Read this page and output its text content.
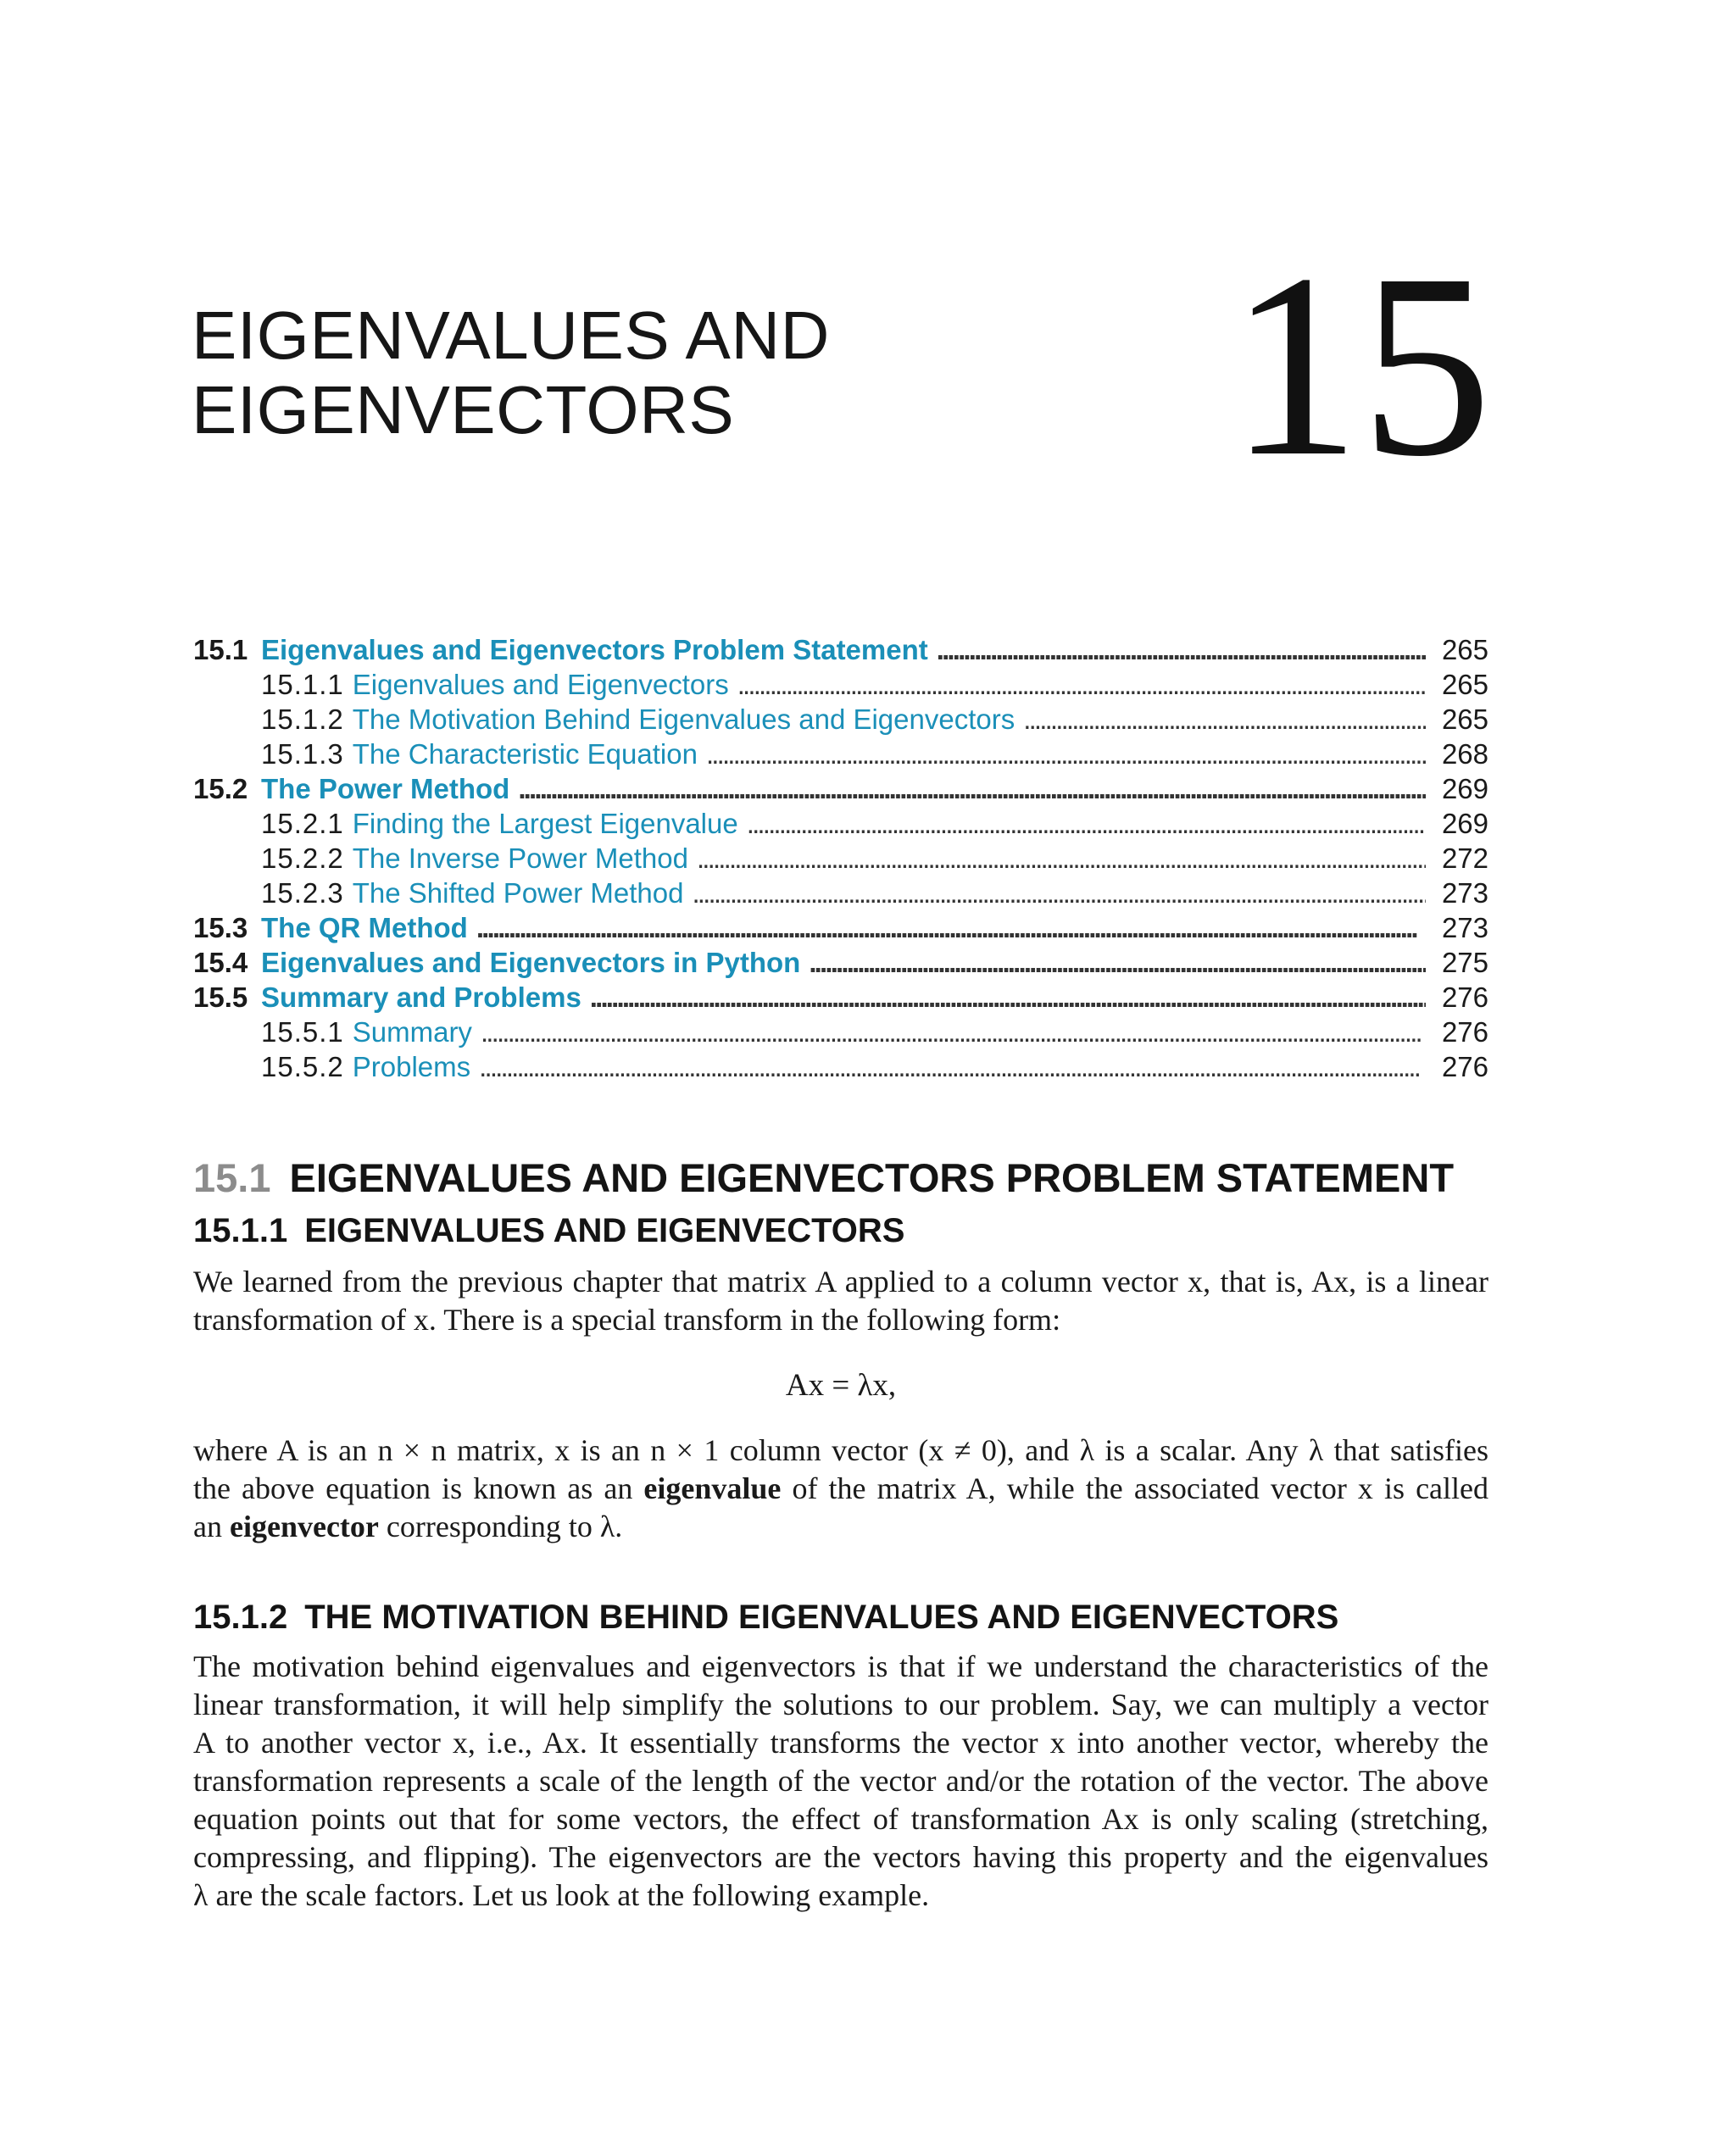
EIGENVALUES AND
EIGENVECTORS	15
15.1 Eigenvalues and Eigenvectors Problem Statement . . .	265
15.1.1 Eigenvalues and Eigenvectors . . .	265
15.1.2 The Motivation Behind Eigenvalues and Eigenvectors . . .	265
15.1.3 The Characteristic Equation . . .	268
15.2 The Power Method . . .	269
15.2.1 Finding the Largest Eigenvalue . . .	269
15.2.2 The Inverse Power Method . . .	272
15.2.3 The Shifted Power Method . . .	273
15.3 The QR Method . . .	273
15.4 Eigenvalues and Eigenvectors in Python . . .	275
15.5 Summary and Problems . . .	276
15.5.1 Summary . . .	276
15.5.2 Problems . . .	276
15.1 EIGENVALUES AND EIGENVECTORS PROBLEM STATEMENT
15.1.1 EIGENVALUES AND EIGENVECTORS
We learned from the previous chapter that matrix A applied to a column vector x, that is, Ax, is a linear
transformation of x. There is a special transform in the following form:
Ax = λx,
where A is an n × n matrix, x is an n × 1 column vector (x ≠ 0), and λ is a scalar. Any λ that satisfies
the above equation is known as an eigenvalue of the matrix A, while the associated vector x is called
an eigenvector corresponding to λ.
15.1.2 THE MOTIVATION BEHIND EIGENVALUES AND EIGENVECTORS
The motivation behind eigenvalues and eigenvectors is that if we understand the characteristics of the
linear transformation, it will help simplify the solutions to our problem. Say, we can multiply a vector
A to another vector x, i.e., Ax. It essentially transforms the vector x into another vector, whereby the
transformation represents a scale of the length of the vector and/or the rotation of the vector. The above
equation points out that for some vectors, the effect of transformation Ax is only scaling (stretching,
compressing, and flipping). The eigenvectors are the vectors having this property and the eigenvalues
λ are the scale factors. Let us look at the following example.
